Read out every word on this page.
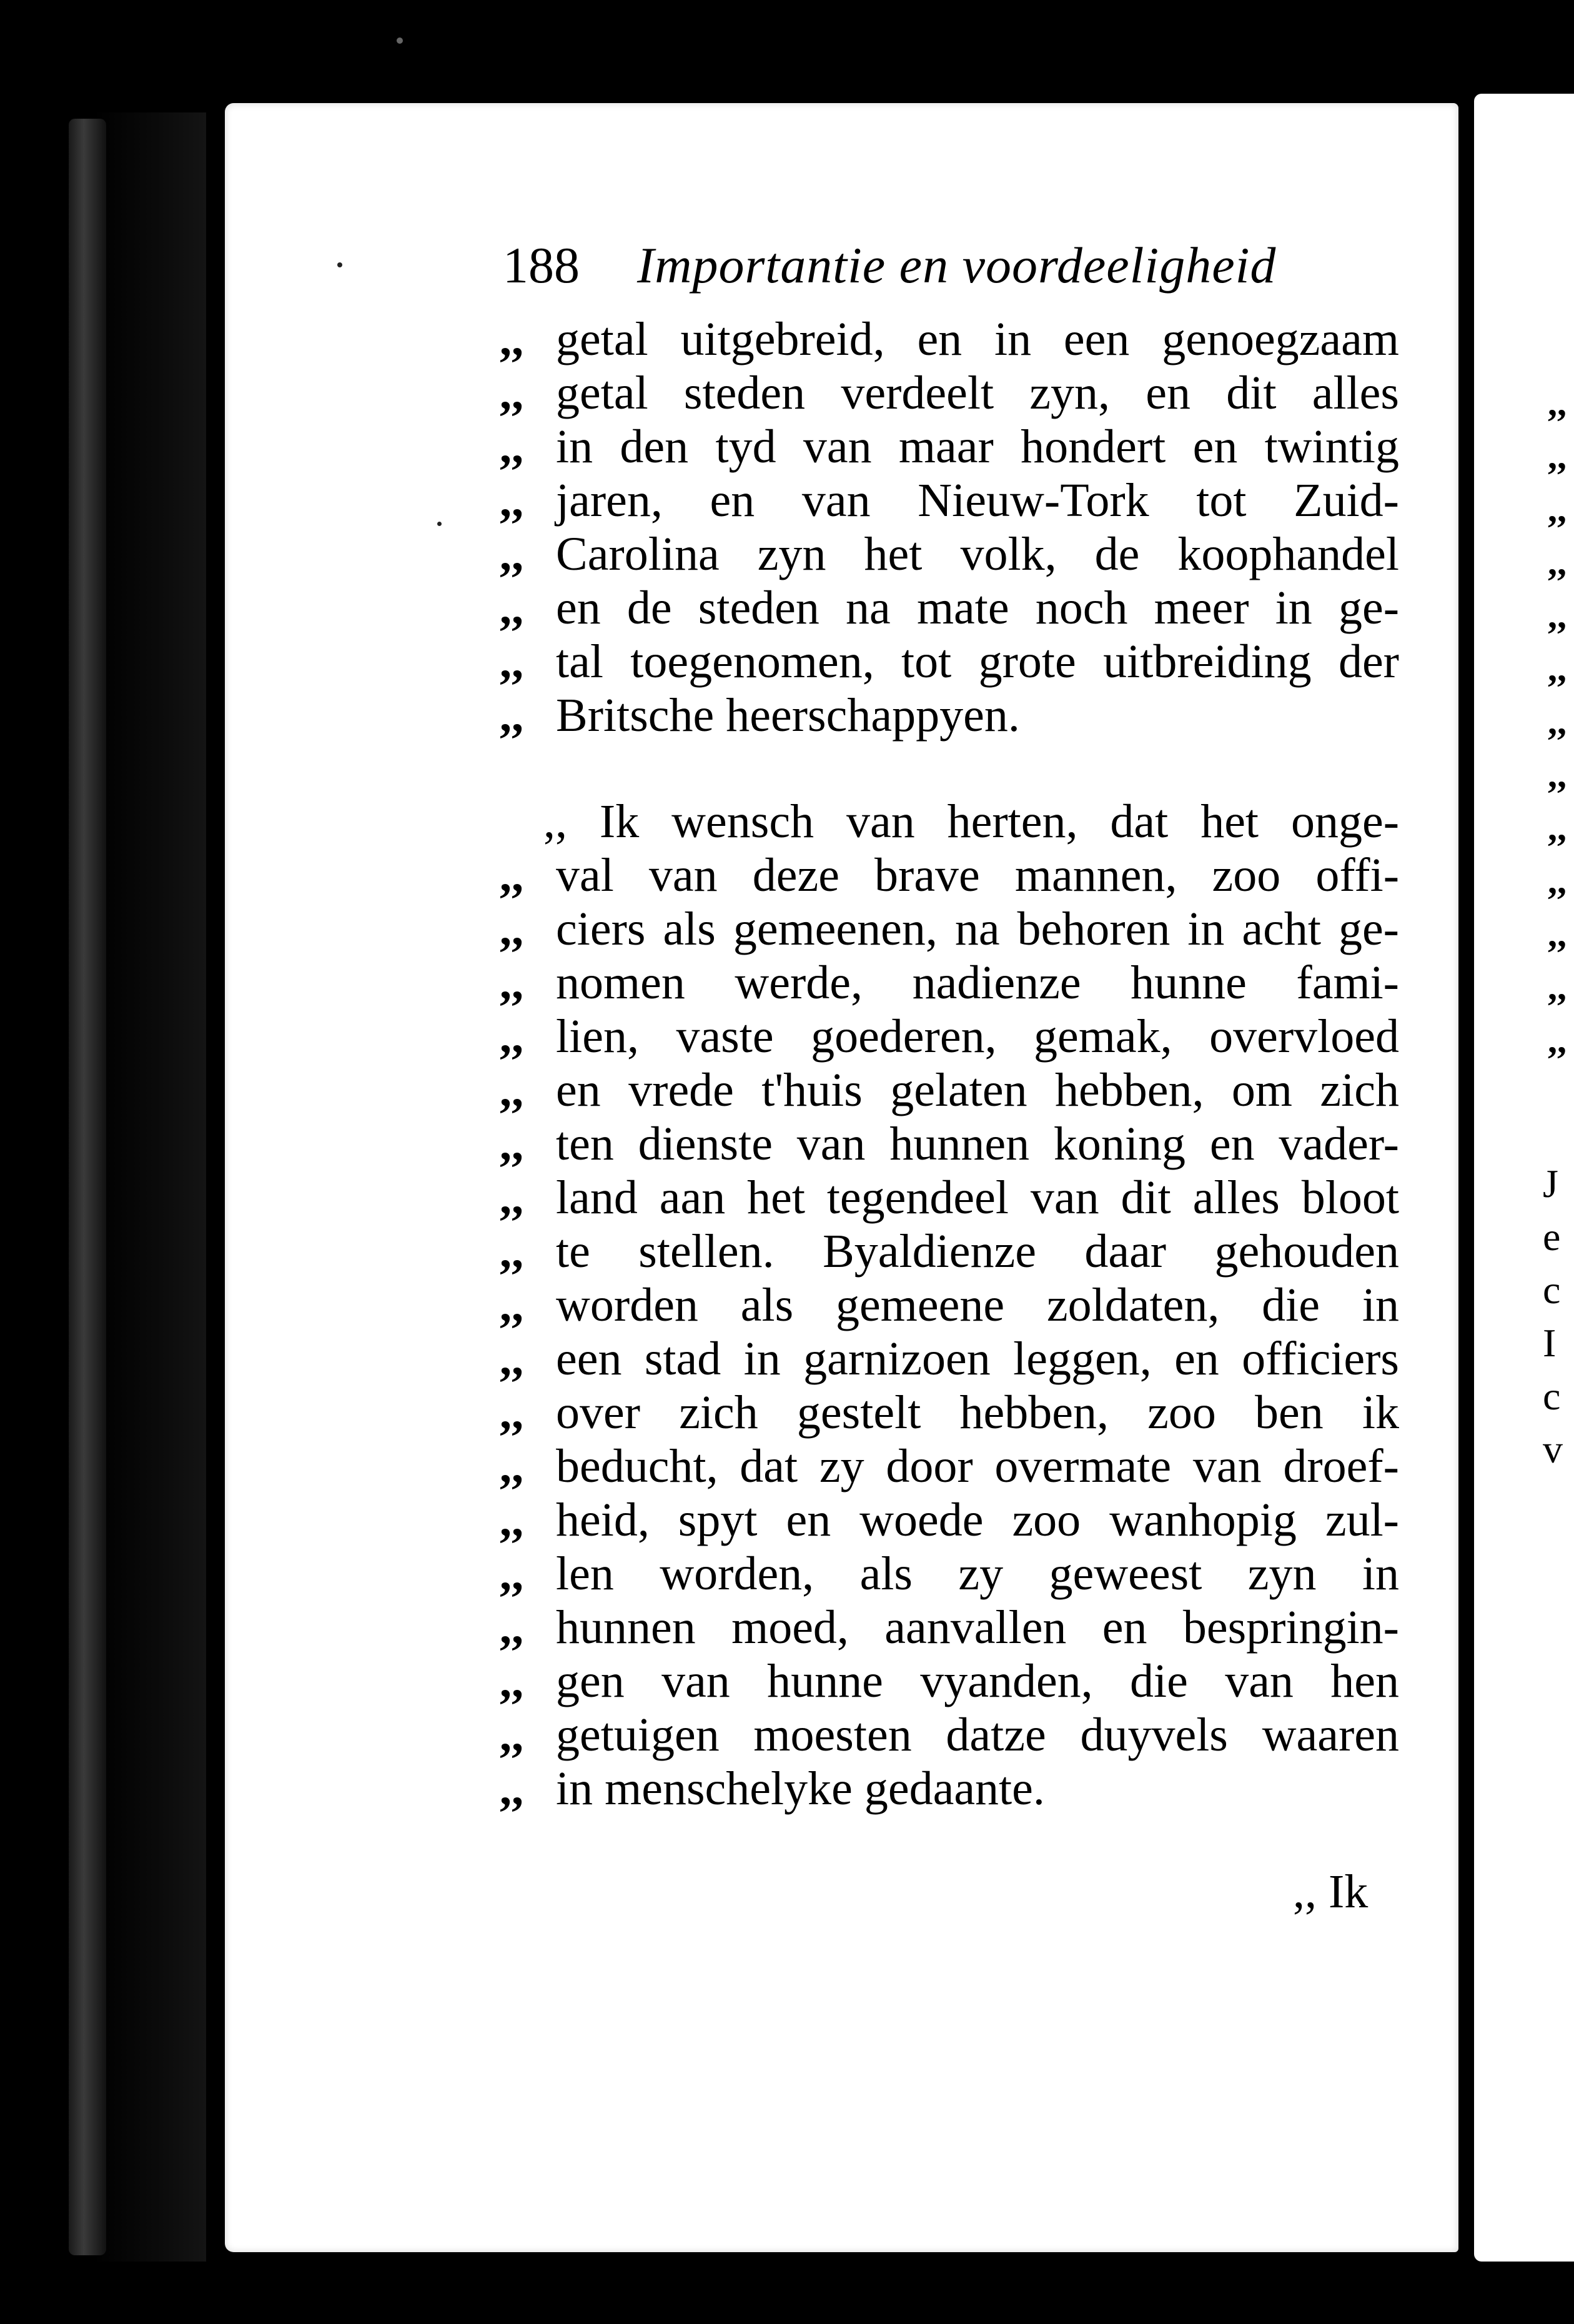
188 Importantie en voordeeligheid
,, getal uitgebreid, en in een genoegzaam
,, getal steden verdeelt zyn, en dit alles
,, in den tyd van maar hondert en twintig
,, jaren, en van Nieuw-Tork tot Zuid-
,, Carolina zyn het volk, de koophandel
,, en de steden na mate noch meer in ge-
,, tal toegenomen, tot grote uitbreiding der
,, Britsche heerschappyen.
,, Ik wensch van herten, dat het onge-
,, val van deze brave mannen, zoo offi-
,, ciers als gemeenen, na behoren in acht ge-
,, nomen werde, nadienze hunne fami-
,, lien, vaste goederen, gemak, overvloed
,, en vrede t'huis gelaten hebben, om zich
,, ten dienste van hunnen koning en vader-
,, land aan het tegendeel van dit alles bloot
,, te stellen. Byaldienze daar gehouden
,, worden als gemeene zoldaten, die in
,, een stad in garnizoen leggen, en officiers
,, over zich gestelt hebben, zoo ben ik
,, beducht, dat zy door overmate van droef-
,, heid, spyt en woede zoo wanhopig zul-
,, len worden, als zy geweest zyn in
,, hunnen moed, aanvallen en bespringin-
,, gen van hunne vyanden, die van hen
,, getuigen moesten datze duyvels waaren
,, in menschelyke gedaante.
,, Ik
,,
,,
,,
,,
,,
,,
,,
,,
,,
,,
,,
,,
,,
J
e
c
I
c
v
